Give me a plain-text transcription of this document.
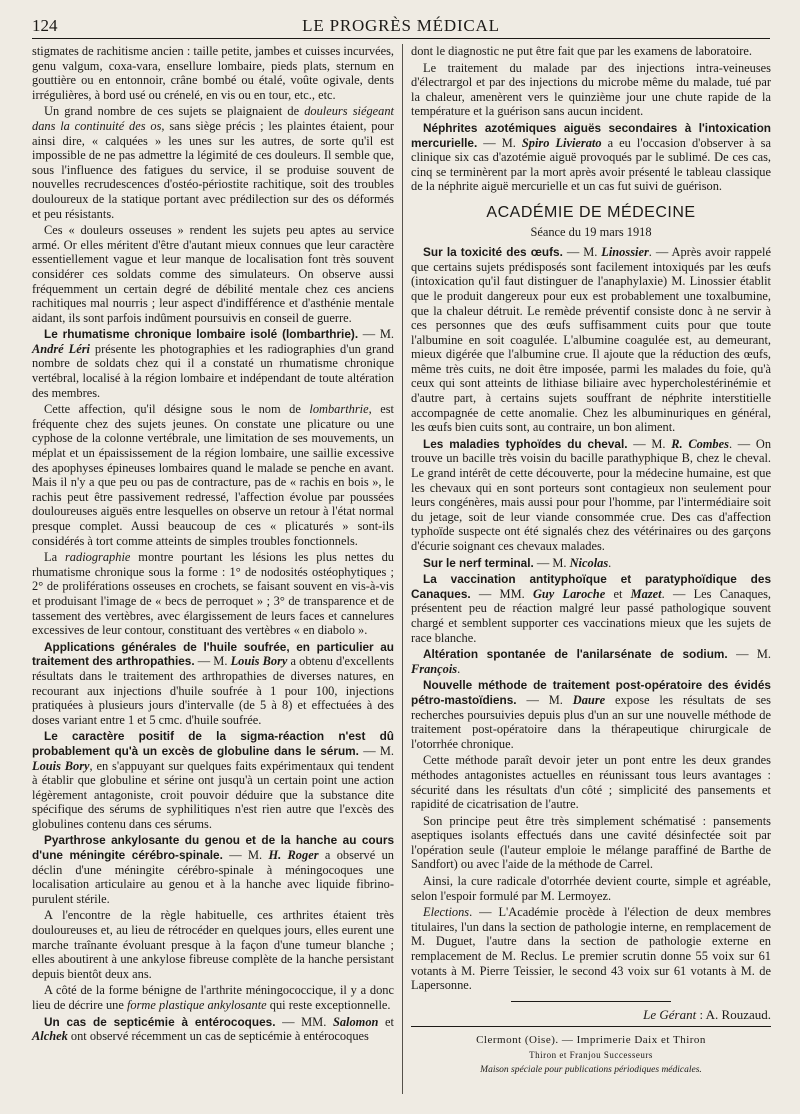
124	LE PROGRÈS MÉDICAL

stigmates de rachitisme ancien : taille petite, jambes et cuisses incurvées, genu valgum, coxa-vara, ensellure lombaire, pieds plats, sternum en gouttière ou en entonnoir, crâne bombé ou étalé, voûte ogivale, dents irrégulières, à bord usé ou crénelé, en vis ou en tour, etc., etc.

Un grand nombre de ces sujets se plaignaient de douleurs siégeant dans la continuité des os, sans siège précis ; les plaintes étaient, pour ainsi dire, « calquées » les unes sur les autres, de sorte qu'il est impossible de ne pas admettre la légimité de ces douleurs. Il semble que, sous l'influence des fatigues du service, il se produise souvent de nouvelles recrudescences d'ostéo-périostite rachitique, soit des troubles douloureux de la statique portant avec prédilection sur des os déformés et peu résistants.

Ces « douleurs osseuses » rendent les sujets peu aptes au service armé. Or elles méritent d'être d'autant mieux connues que leur caractère essentiellement vague et leur manque de localisation font très souvent considérer ces soldats comme des simulateurs. On observe aussi fréquemment un certain degré de débilité mentale chez ces anciens rachitiques mal nourris ; leur aspect d'indifférence et d'asthénie mentale aidant, ils sont parfois indûment poursuivis en conseil de guerre.

Le rhumatisme chronique lombaire isolé (lombarthrie). — M. André Léri présente les photographies et les radiographies d'un grand nombre de soldats chez qui il a constaté un rhumatisme chronique vertébral, localisé à la région lombaire et indépendant de toute altération des membres.

Cette affection, qu'il désigne sous le nom de lombarthrie, est fréquente chez des sujets jeunes. On constate une plicature ou une cyphose de la colonne vertébrale, une limitation de ses mouvements, un méplat et un épaississement de la région lombaire, une saillie excessive des apophyses épineuses lombaires quand le malade se penche en avant. Mais il n'y a que peu ou pas de contracture, pas de « rachis en bois », le rachis peut être passivement redressé, l'affection évolue par poussées douloureuses aiguës entre lesquelles on observe un retour à l'état normal presque complet. Aussi beaucoup de ces « plicaturés » sont-ils considérés à tort comme atteints de simples troubles fonctionnels.

La radiographie montre pourtant les lésions les plus nettes du rhumatisme chronique sous la forme : 1° de nodosités ostéophytiques ; 2° de proliférations osseuses en crochets, se faisant souvent en vis-à-vis et produisant l'image de « becs de perroquet » ; 3° de transparence et de tassement des vertèbres, avec élargissement de leurs faces et cannelures excessives de leur contour, constituant des vertèbres « en diabolo ».

Applications générales de l'huile soufrée, en particulier au traitement des arthropathies. — M. Louis Bory a obtenu d'excellents résultats dans le traitement des arthropathies de diverses natures, en recourant aux injections d'huile soufrée à 1 pour 100, injections pratiquées à plusieurs jours d'intervalle (de 5 à 8) et effectuées à des doses variant entre 1 et 5 cmc. d'huile soufrée.

Le caractère positif de la sigma-réaction n'est dû probablement qu'à un excès de globuline dans le sérum. — M. Louis Bory, en s'appuyant sur quelques faits expérimentaux qui tendent à établir que globuline et sérine ont jusqu'à un certain point une action légèrement antagoniste, croit pouvoir déduire que la substance dite spécifique des sérums de syphilitiques n'est rien autre que l'excès des globulines contenu dans ces sérums.

Pyarthrose ankylosante du genou et de la hanche au cours d'une méningite cérébro-spinale. — M. H. Roger a observé un déclin d'une méningite cérébro-spinale à méningocoques une localisation articulaire au genou et à la hanche avec liquide fibrino-purulent stérile.

A l'encontre de la règle habituelle, ces arthrites étaient très douloureuses et, au lieu de rétrocéder en quelques jours, elles eurent une marche traînante évoluant presque à la façon d'une tumeur blanche ; elles aboutirent à une ankylose fibreuse complète de la hanche persistant depuis bientôt deux ans.

A côté de la forme bénigne de l'arthrite méningococcique, il y a donc lieu de décrire une forme plastique ankylosante qui reste exceptionnelle.

Un cas de septicémie à entérocoques. — MM. Salomon et Alchek ont observé récemment un cas de septicémie à entérocoques

dont le diagnostic ne put être fait que par les examens de laboratoire.

Le traitement du malade par des injections intra-veineuses d'électrargol et par des injections du microbe même du malade, tué par la chaleur, amenèrent vers le quinzième jour une chute rapide de la température et la guérison sans aucun incident.

Néphrites azotémiques aiguës secondaires à l'intoxication mercurielle. — M. Spiro Livierato a eu l'occasion d'observer à sa clinique six cas d'azotémie aiguë provoqués par le sublimé. De ces cas, cinq se terminèrent par la mort après avoir présenté le tableau classique de la néphrite aiguë mercurielle et un cas fut suivi de guérison.

ACADÉMIE DE MÉDECINE
Séance du 19 mars 1918

Sur la toxicité des œufs. — M. Linossier. — Après avoir rappelé que certains sujets prédisposés sont facilement intoxiqués par les œufs (intoxication qu'il faut distinguer de l'anaphylaxie) M. Linossier établit que le produit dangereux pour eux est probablement une toxalbumine, que la chaleur détruit. Le remède préventif consiste donc à ne servir à ces personnes que des œufs suffisamment cuits pour que toute l'albumine en soit coagulée. L'albumine coagulée est, au demeurant, mieux digérée que l'albumine crue. Il ajoute que la réduction des œufs, même très cuits, ne doit être imposée, parmi les malades du foie, qu'à ceux qui sont atteints de lithiase biliaire avec hypercholestérinémie et d'autre part, à certains sujets souffrant de néphrite interstitielle accompagnée de cette anomalie. Chez les albuminuriques en général, les œufs bien cuits sont, au contraire, un bon aliment.

Les maladies typhoïdes du cheval. — M. R. Combes. — On trouve un bacille très voisin du bacille parathyphique B, chez le cheval. Le grand intérêt de cette découverte, pour la médecine humaine, est que les chevaux qui en sont porteurs sont contagieux non seulement pour leurs congénères, mais aussi pour pour l'homme, par l'intermédiaire soit du jetage, soit de leur viande consommée crue. Des cas d'affection typhoïde suspecte ont été signalés chez des vétérinaires ou des garçons d'écurie soignant ces chevaux malades.

Sur le nerf terminal. — M. Nicolas.

La vaccination antityphoïque et paratyphoïdique des Canaques. — MM. Guy Laroche et Mazet. — Les Canaques, présentent peu de réaction malgré leur passé pathologique souvent chargé et semblent supporter ces vaccinations mieux que les sujets de race blanche.

Altération spontanée de l'anilarsénate de sodium. — M. François.

Nouvelle méthode de traitement post-opératoire des évidés pétro-mastoïdiens. — M. Daure expose les résultats de ses recherches poursuivies depuis plus d'un an sur une nouvelle méthode de traitement post-opératoire dans la thérapeutique chirurgicale de l'otorrhée chronique.

Cette méthode paraît devoir jeter un pont entre les deux grandes méthodes antagonistes actuelles en réunissant tous leurs avantages : sécurité dans les résultats d'un côté ; simplicité des pansements et rapidité de cicatrisation de l'autre.

Son principe peut être très simplement schématisé : pansements aseptiques isolants effectués dans une cavité désinfectée soit par l'opération seule (l'auteur emploie le mélange paraffiné de Barthe de Sandfort) ou avec l'aide de la méthode de Carrel.

Ainsi, la cure radicale d'otorrhée devient courte, simple et agréable, selon l'espoir formulé par M. Lermoyez.

Elections. — L'Académie procède à l'élection de deux membres titulaires, l'un dans la section de pathologie interne, en remplacement de M. Duguet, l'autre dans la section de pathologie externe en remplacement de M. Reclus. Le premier scrutin donne 55 voix sur 61 votants à M. Pierre Teissier, le second 43 voix sur 61 votants à M. de Lapersonne.

Le Gérant : A. Rouzaud.

Clermont (Oise). — Imprimerie Daix et Thiron

Thiron et Franjou Successeurs

Maison spéciale pour publications périodiques médicales.
